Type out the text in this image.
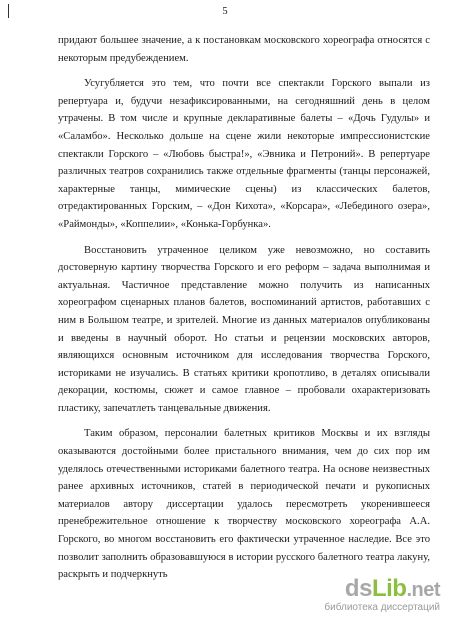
5

придают большее значение, а к постановкам московского хореографа относятся с некоторым предубеждением.

Усугубляется это тем, что почти все спектакли Горского выпали из репертуара и, будучи незафиксированными, на сегодняшний день в целом утрачены. В том числе и крупные декларативные балеты – «Дочь Гудулы» и «Саламбо». Несколько дольше на сцене жили некоторые импрессионистские спектакли Горского – «Любовь быстра!», «Эвника и Петроний». В репертуаре различных театров сохранились также отдельные фрагменты (танцы персонажей, характерные танцы, мимические сцены) из классических балетов, отредактированных Горским, – «Дон Кихота», «Корсара», «Лебединого озера», «Раймонды», «Коппелии», «Конька-Горбунка».

Восстановить утраченное целиком уже невозможно, но составить достоверную картину творчества Горского и его реформ – задача выполнимая и актуальная. Частичное представление можно получить из написанных хореографом сценарных планов балетов, воспоминаний артистов, работавших с ним в Большом театре, и зрителей. Многие из данных материалов опубликованы и введены в научный оборот. Но статьи и рецензии московских авторов, являющихся основным источником для исследования творчества Горского, историками не изучались. В статьях критики кропотливо, в деталях описывали декорации, костюмы, сюжет и самое главное – пробовали охарактеризовать пластику, запечатлеть танцевальные движения.

Таким образом, персоналии балетных критиков Москвы и их взгляды оказываются достойными более пристального внимания, чем до сих пор им уделялось отечественными историками балетного театра. На основе неизвестных ранее архивных источников, статей в периодической печати и рукописных материалов автору диссертации удалось пересмотреть укоренившееся пренебрежительное отношение к творчеству московского хореографа А.А. Горского, во многом восстановить его фактически утраченное наследие. Все это позволит заполнить образовавшуюся в истории русского балетного театра лакуну, раскрыть и подчеркнуть

dsLib.net
библиотека диссертаций
